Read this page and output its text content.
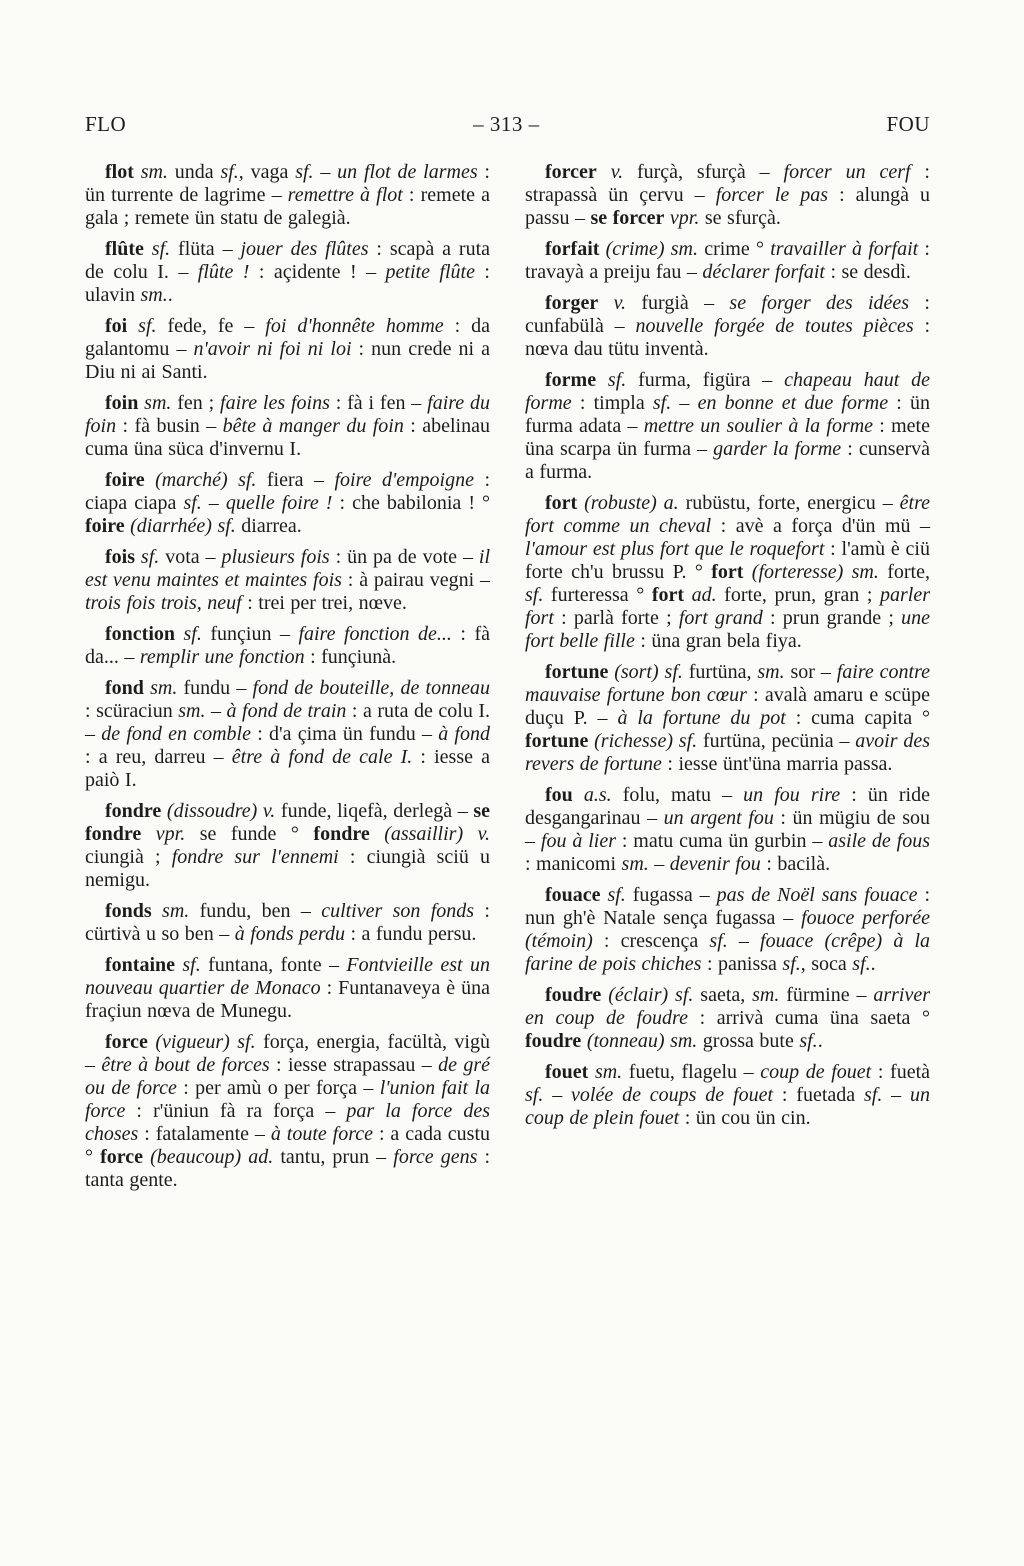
FLO	– 313 –	FOU

flot sm. unda sf., vaga sf. – un flot de larmes : ün turrente de lagrime – remettre à flot : remete a gala ; remete ün statu de galegià.

flûte sf. flüta – jouer des flûtes : scapà a ruta de colu I. – flûte ! : açidente ! – petite flûte : ulavin sm..

foi sf. fede, fe – foi d'honnête homme : da galantomu – n'avoir ni foi ni loi : nun crede ni a Diu ni ai Santi.

foin sm. fen ; faire les foins : fà i fen – faire du foin : fà busin – bête à manger du foin : abelinau cuma üna süca d'invernu I.

foire (marché) sf. fiera – foire d'empoigne : ciapa ciapa sf. – quelle foire ! : che babilonia ! ° foire (diarrhée) sf. diarrea.

fois sf. vota – plusieurs fois : ün pa de vote – il est venu maintes et maintes fois : à pairau vegni – trois fois trois, neuf : trei per trei, nœve.

fonction sf. funçiun – faire fonction de... : fà da... – remplir une fonction : funçiunà.

fond sm. fundu – fond de bouteille, de tonneau : scüraciun sm. – à fond de train : a ruta de colu I. – de fond en comble : d'a çima ün fundu – à fond : a reu, darreu – être à fond de cale I. : iesse a paiò I.

fondre (dissoudre) v. funde, liqefà, derlegà – se fondre vpr. se funde ° fondre (assaillir) v. ciungià ; fondre sur l'ennemi : ciungià sciü u nemigu.

fonds sm. fundu, ben – cultiver son fonds : cürtivà u so ben – à fonds perdu : a fundu persu.

fontaine sf. funtana, fonte – Fontvieille est un nouveau quartier de Monaco : Funtanaveya è üna fraçiun nœva de Munegu.

force (vigueur) sf. força, energia, facültà, vigù – être à bout de forces : iesse strapassau – de gré ou de force : per amù o per força – l'union fait la force : r'üniun fà ra força – par la force des choses : fatalamente – à toute force : a cada custu ° force (beaucoup) ad. tantu, prun – force gens : tanta gente.

forcer v. furçà, sfurçà – forcer un cerf : strapassà ün çervu – forcer le pas : alungà u passu – se forcer vpr. se sfurçà.

forfait (crime) sm. crime ° travailler à forfait : travayà a preiju fau – déclarer forfait : se desdì.

forger v. furgià – se forger des idées : cunfabülà – nouvelle forgée de toutes pièces : nœva dau tütu inventà.

forme sf. furma, figüra – chapeau haut de forme : timpla sf. – en bonne et due forme : ün furma adata – mettre un soulier à la forme : mete üna scarpa ün furma – garder la forme : cunservà a furma.

fort (robuste) a. rubüstu, forte, energicu – être fort comme un cheval : avè a força d'ün mü – l'amour est plus fort que le roquefort : l'amù è ciü forte ch'u brussu P. ° fort (forteresse) sm. forte, sf. furteressa ° fort ad. forte, prun, gran ; parler fort : parlà forte ; fort grand : prun grande ; une fort belle fille : üna gran bela fiya.

fortune (sort) sf. furtüna, sm. sor – faire contre mauvaise fortune bon cœur : avalà amaru e scüpe duçu P. – à la fortune du pot : cuma capita ° fortune (richesse) sf. furtüna, pecünia – avoir des revers de fortune : iesse ünt'üna marria passa.

fou a.s. folu, matu – un fou rire : ün ride desgangarinau – un argent fou : ün mügiu de sou – fou à lier : matu cuma ün gurbin – asile de fous : manicomi sm. – devenir fou : bacilà.

fouace sf. fugassa – pas de Noël sans fouace : nun gh'è Natale sença fugassa – fouoce perforée (témoin) : crescença sf. – fouace (crêpe) à la farine de pois chiches : panissa sf., soca sf..

foudre (éclair) sf. saeta, sm. fürmine – arriver en coup de foudre : arrivà cuma üna saeta ° foudre (tonneau) sm. grossa bute sf..

fouet sm. fuetu, flagelu – coup de fouet : fuetà sf. – volée de coups de fouet : fuetada sf. – un coup de plein fouet : ün cou ün cin.
